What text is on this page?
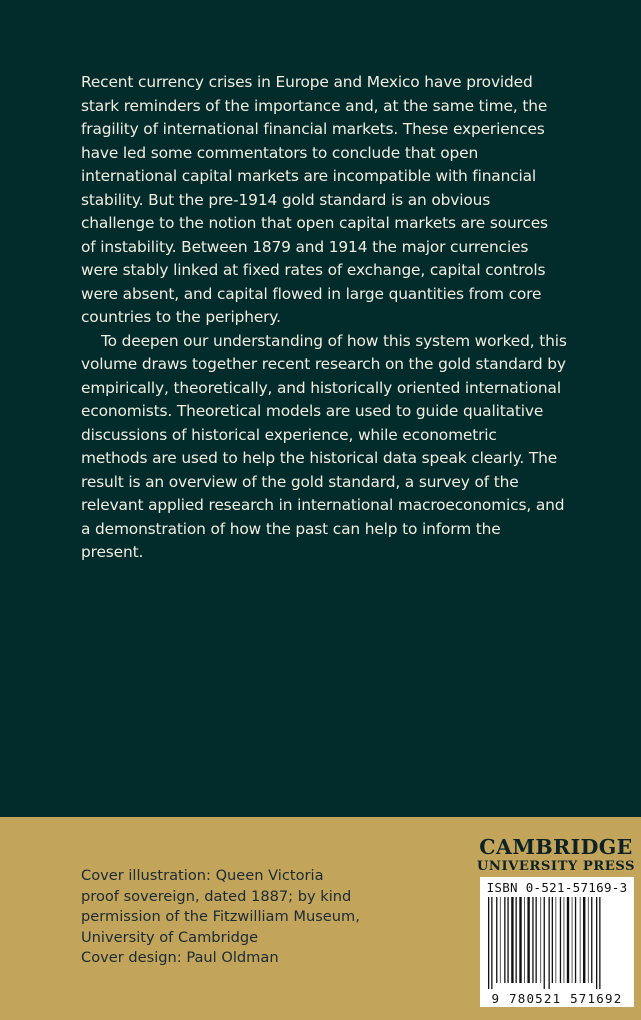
Recent currency crises in Europe and Mexico have provided stark reminders of the importance and, at the same time, the fragility of international financial markets. These experiences have led some commentators to conclude that open international capital markets are incompatible with financial stability. But the pre-1914 gold standard is an obvious challenge to the notion that open capital markets are sources of instability. Between 1879 and 1914 the major currencies were stably linked at fixed rates of exchange, capital controls were absent, and capital flowed in large quantities from core countries to the periphery.

To deepen our understanding of how this system worked, this volume draws together recent research on the gold standard by empirically, theoretically, and historically oriented international economists. Theoretical models are used to guide qualitative discussions of historical experience, while econometric methods are used to help the historical data speak clearly. The result is an overview of the gold standard, a survey of the relevant applied research in international macroeconomics, and a demonstration of how the past can help to inform the present.

Cover illustration: Queen Victoria
proof sovereign, dated 1887; by kind
permission of the Fitzwilliam Museum,
University of Cambridge
Cover design: Paul Oldman
CAMBRIDGE
UNIVERSITY PRESS
ISBN 0-521-57169-3
9 780521 571692
